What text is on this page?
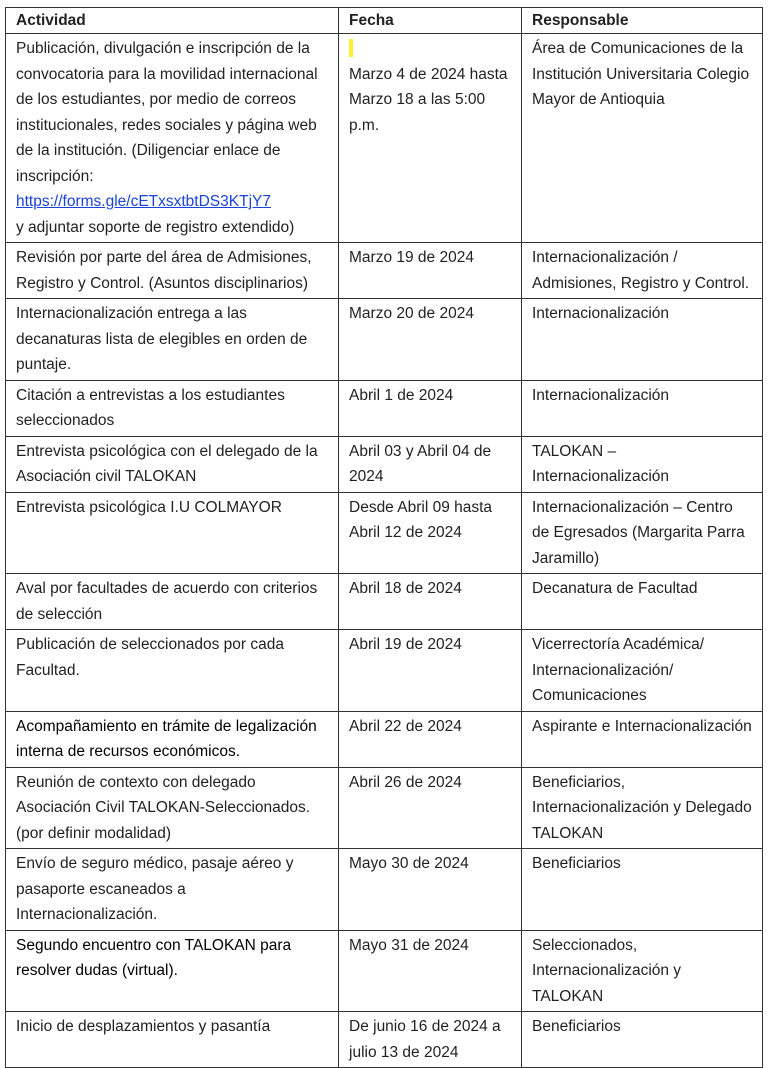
Actividad	Fecha	Responsable
Publicación, divulgación e inscripción de la convocatoria para la movilidad internacional de los estudiantes, por medio de correos institucionales, redes sociales y página web de la institución. (Diligenciar enlace de inscripción:
https://forms.gle/cETxsxtbtDS3KTjY7
y adjuntar soporte de registro extendido)	Marzo 4 de 2024 hasta Marzo 18 a las 5:00 p.m.	Área de Comunicaciones de la Institución Universitaria Colegio Mayor de Antioquia
Revisión por parte del área de Admisiones, Registro y Control. (Asuntos disciplinarios)	Marzo 19 de 2024	Internacionalización / Admisiones, Registro y Control.
Internacionalización entrega a las decanaturas lista de elegibles en orden de puntaje.	Marzo 20 de 2024	Internacionalización
Citación a entrevistas a los estudiantes seleccionados	Abril 1 de 2024	Internacionalización
Entrevista psicológica con el delegado de la Asociación civil TALOKAN	Abril 03 y Abril 04 de 2024	TALOKAN – Internacionalización
Entrevista psicológica I.U COLMAYOR	Desde Abril 09 hasta Abril 12 de 2024	Internacionalización – Centro de Egresados (Margarita Parra Jaramillo)
Aval por facultades de acuerdo con criterios de selección	Abril 18 de 2024	Decanatura de Facultad
Publicación de seleccionados por cada Facultad.	Abril 19 de 2024	Vicerrectoría Académica/ Internacionalización/ Comunicaciones
Acompañamiento en trámite de legalización interna de recursos económicos.	Abril 22 de 2024	Aspirante e Internacionalización
Reunión de contexto con delegado Asociación Civil TALOKAN-Seleccionados. (por definir modalidad)	Abril 26 de 2024	Beneficiarios, Internacionalización y Delegado TALOKAN
Envío de seguro médico, pasaje aéreo y pasaporte escaneados a Internacionalización.	Mayo 30 de 2024	Beneficiarios
Segundo encuentro con TALOKAN para resolver dudas (virtual).	Mayo 31 de 2024	Seleccionados, Internacionalización y TALOKAN
Inicio de desplazamientos y pasantía	De junio 16 de 2024 a julio 13 de 2024	Beneficiarios
